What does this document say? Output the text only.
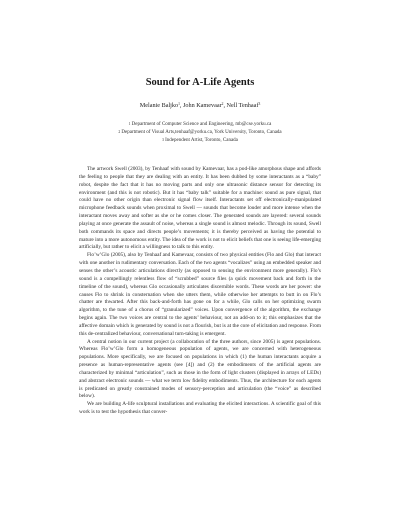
Sound for A-Life Agents
Melanie Baljko$^1$, John Kamevaar$^2$, Nell Tenhaaf$^3$
$^1$ Department of Computer Science and Engineering, mb@cse.yorku.ca
$^2$ Department of Visual Arts,tenhaaf@yorku.ca, York University, Toronto, Canada
$^3$ Independent Artist, Toronto, Canada

The artwork Swell (2003), by Tenhaaf with sound by Kamevaar, has a pod-like amorphous shape and affords the feeling to people that they are dealing with an entity. It has been dubbed by some interactants as a “baby” robot, despite the fact that it has no moving parts and only one ultrasonic distance sensor for detecting its environment (and this is not robotic). But it has “baby talk” suitable for a machine: sound as pure signal, that could have no other origin than electronic signal flow itself. Interactants set off electronically-manipulated microphone feedback sounds when proximal to Swell — sounds that become louder and more intense when the interactant moves away and softer as she or he comes closer. The generated sounds are layered: several sounds playing at once generate the assault of noise, whereas a single sound is almost melodic. Through its sound, Swell both commands its space and directs people’s movements; it is thereby perceived as having the potential to mature into a more autonomous entity. The idea of the work is not to elicit beliefs that one is seeing life-emerging artificially, but rather to elicit a willingness to talk to this entity.

Flo’w’Glo (2005), also by Tenhaaf and Kamevaar, consists of two physical entities (Flo and Glo) that interact with one another in rudimentary conversation. Each of the two agents “vocalizes” using an embedded speaker and senses the other’s acoustic articulations directly (as opposed to sensing the environment more generally). Flo’s sound is a compellingly relentless flow of “scrubbed” source files (a quick movement back and forth in the timeline of the sound), whereas Glo occasionally articulates discernible words. These words are her power: she causes Flo to shrink in consternation when she utters them, while otherwise her attempts to butt in on Flo’s chatter are thwarted. After this back-and-forth has gone on for a while, Glo calls on her optimizing swarm algorithm, to the tune of a chorus of “granularized” voices. Upon convergence of the algorithm, the exchange begins again. The two voices are central to the agents’ behaviour, not an add-on to it; this emphasizes that the affective domain which is generated by sound is not a flourish, but is at the core of elicitation and response. From this de-centralized behaviour, conversational turn-taking is emergent.

A central notion in our current project (a collaboration of the three authors, since 2005) is agent populations. Whereas Flo’w’Glo form a homogeneous population of agents, we are concerned with heterogeneous populations. More specifically, we are focused on populations in which (1) the human interactants acquire a presence as human-representative agents (see [4]) and (2) the embodiments of the artificial agents are characterized by minimal “articulation”, such as those in the form of light clusters (displayed in arrays of LEDs) and abstract electronic sounds — what we term low fidelity embodiments. Thus, the architecture for each agents is predicated on greatly constrained modes of sensory-perception and articulation (the “voice” as described below).

We are building A-life sculptural installations and evaluating the elicited interactions. A scientific goal of this work is to test the hypothesis that conver-
